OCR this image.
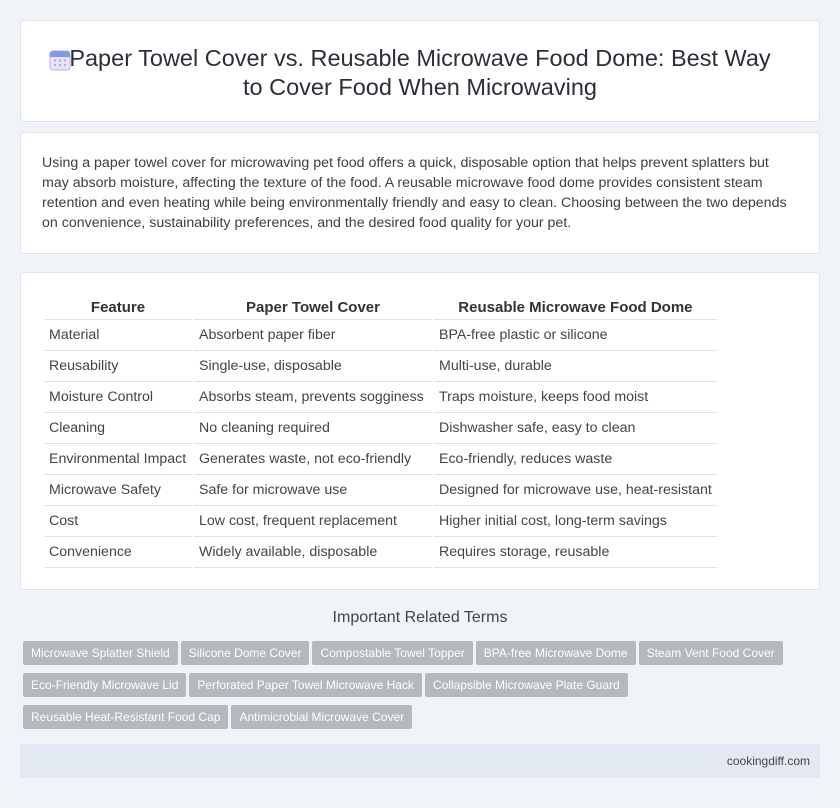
Paper Towel Cover vs. Reusable Microwave Food Dome: Best Way to Cover Food When Microwaving
Using a paper towel cover for microwaving pet food offers a quick, disposable option that helps prevent splatters but may absorb moisture, affecting the texture of the food. A reusable microwave food dome provides consistent steam retention and even heating while being environmentally friendly and easy to clean. Choosing between the two depends on convenience, sustainability preferences, and the desired food quality for your pet.
Feature	Paper Towel Cover	Reusable Microwave Food Dome
Material	Absorbent paper fiber	BPA-free plastic or silicone
Reusability	Single-use, disposable	Multi-use, durable
Moisture Control	Absorbs steam, prevents sogginess	Traps moisture, keeps food moist
Cleaning	No cleaning required	Dishwasher safe, easy to clean
Environmental Impact	Generates waste, not eco-friendly	Eco-friendly, reduces waste
Microwave Safety	Safe for microwave use	Designed for microwave use, heat-resistant
Cost	Low cost, frequent replacement	Higher initial cost, long-term savings
Convenience	Widely available, disposable	Requires storage, reusable
Important Related Terms
Microwave Splatter Shield Silicone Dome Cover Compostable Towel Topper BPA-free Microwave Dome Steam Vent Food Cover
Eco-Friendly Microwave Lid Perforated Paper Towel Microwave Hack Collapsible Microwave Plate Guard
Reusable Heat-Resistant Food Cap Antimicrobial Microwave Cover
cookingdiff.com
